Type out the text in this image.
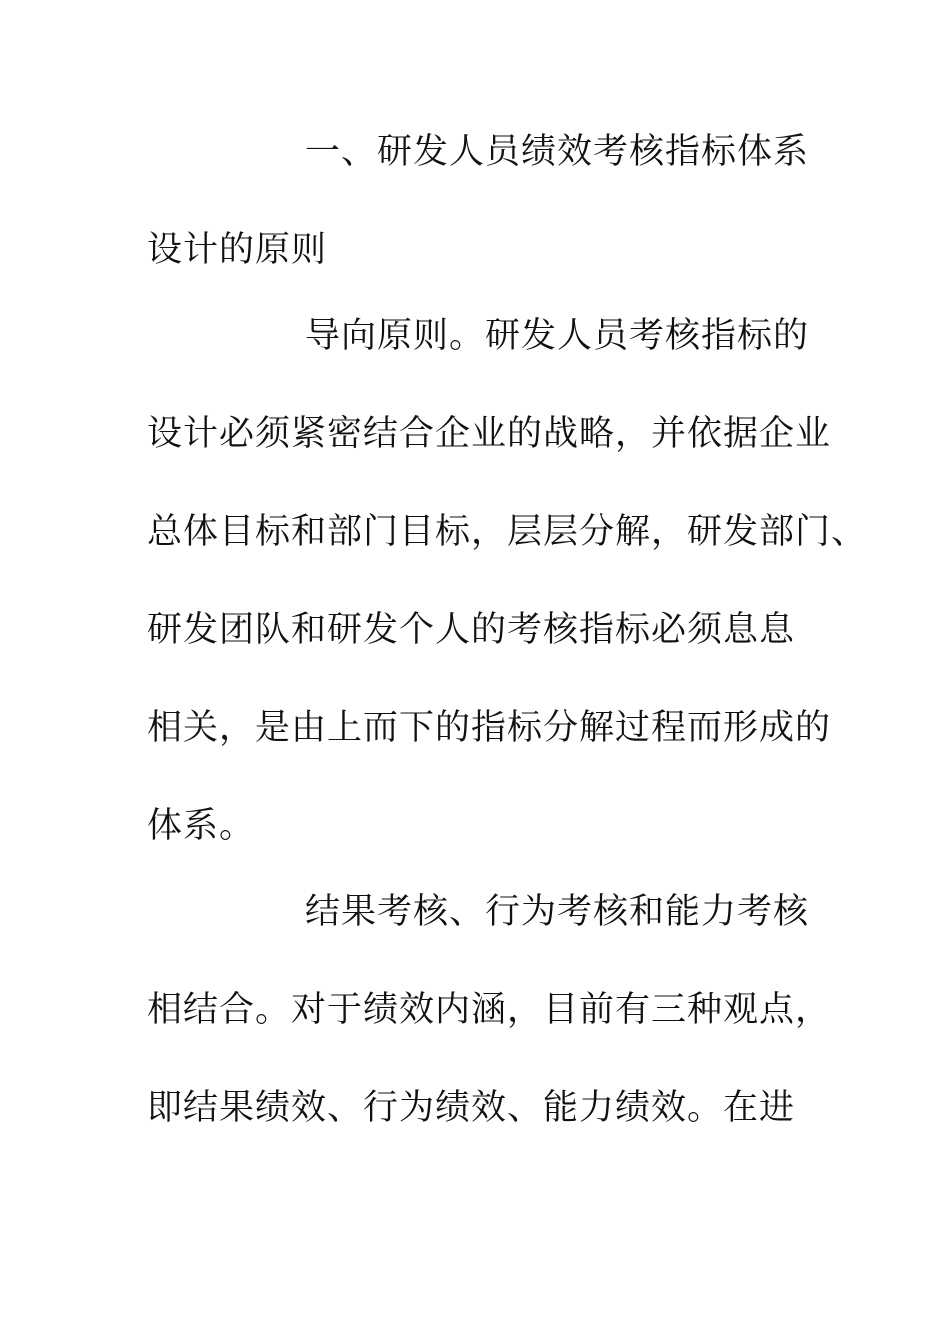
一、研发人员绩效考核指标体系
设计的原则
导向原则。研发人员考核指标的
设计必须紧密结合企业的战略，并依据企业
总体目标和部门目标，层层分解，研发部门、
研发团队和研发个人的考核指标必须息息
相关，是由上而下的指标分解过程而形成的
体系。
结果考核、行为考核和能力考核
相结合。对于绩效内涵，目前有三种观点，
即结果绩效、行为绩效、能力绩效。在进
